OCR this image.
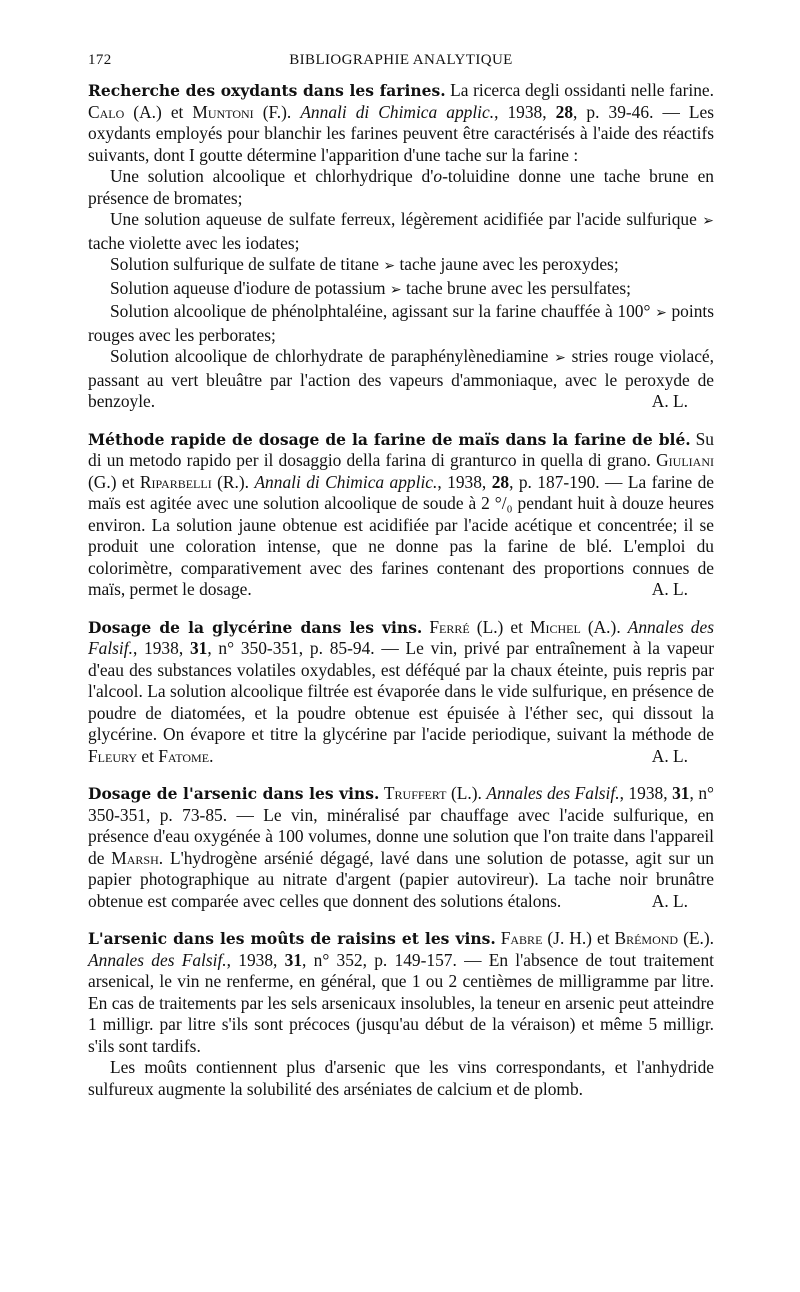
172	BIBLIOGRAPHIE ANALYTIQUE

Recherche des oxydants dans les farines. La ricerca degli ossidanti nelle farine. Calo (A.) et Muntoni (F.). Annali di Chimica applic., 1938, 28, p. 39-46. — Les oxydants employés pour blanchir les farines peuvent être caractérisés à l'aide des réactifs suivants, dont I goutte détermine l'apparition d'une tache sur la farine :

Une solution alcoolique et chlorhydrique d'o-toluidine donne une tache brune en présence de bromates;

Une solution aqueuse de sulfate ferreux, légèrement acidifiée par l'acide sulfurique ➢ tache violette avec les iodates;

Solution sulfurique de sulfate de titane ➢ tache jaune avec les peroxydes;

Solution aqueuse d'iodure de potassium ➢ tache brune avec les persulfates;

Solution alcoolique de phénolphtaléine, agissant sur la farine chauffée à 100° ➢ points rouges avec les perborates;

Solution alcoolique de chlorhydrate de paraphénylènediamine ➢ stries rouge violacé, passant au vert bleuâtre par l'action des vapeurs d'ammoniaque, avec le peroxyde de benzoyle.	A. L.

Méthode rapide de dosage de la farine de maïs dans la farine de blé. Su di un metodo rapido per il dosaggio della farina di granturco in quella di grano. Giuliani (G.) et Riparbelli (R.). Annali di Chimica applic., 1938, 28, p. 187-190. — La farine de maïs est agitée avec une solution alcoolique de soude à 2 °/₀ pendant huit à douze heures environ. La solution jaune obtenue est acidifiée par l'acide acétique et concentrée; il se produit une coloration intense, que ne donne pas la farine de blé. L'emploi du colorimètre, comparativement avec des farines contenant des proportions connues de maïs, permet le dosage.	A. L.

Dosage de la glycérine dans les vins. Ferré (L.) et Michel (A.). Annales des Falsif., 1938, 31, n° 350-351, p. 85-94. — Le vin, privé par entraînement à la vapeur d'eau des substances volatiles oxydables, est déféqué par la chaux éteinte, puis repris par l'alcool. La solution alcoolique filtrée est évaporée dans le vide sulfurique, en présence de poudre de diatomées, et la poudre obtenue est épuisée à l'éther sec, qui dissout la glycérine. On évapore et titre la glycérine par l'acide periodique, suivant la méthode de Fleury et Fatome.	A. L.

Dosage de l'arsenic dans les vins. Truffert (L.). Annales des Falsif., 1938, 31, n° 350-351, p. 73-85. — Le vin, minéralisé par chauffage avec l'acide sulfurique, en présence d'eau oxygénée à 100 volumes, donne une solution que l'on traite dans l'appareil de Marsh. L'hydrogène arsénié dégagé, lavé dans une solution de potasse, agit sur un papier photographique au nitrate d'argent (papier autovireur). La tache noir brunâtre obtenue est comparée avec celles que donnent des solutions étalons.	A. L.

L'arsenic dans les moûts de raisins et les vins. Fabre (J. H.) et Brémond (E.). Annales des Falsif., 1938, 31, n° 352, p. 149-157. — En l'absence de tout traitement arsenical, le vin ne renferme, en général, que 1 ou 2 centièmes de milligramme par litre. En cas de traitements par les sels arsenicaux insolubles, la teneur en arsenic peut atteindre 1 milligr. par litre s'ils sont précoces (jusqu'au début de la véraison) et même 5 milligr. s'ils sont tardifs.

Les moûts contiennent plus d'arsenic que les vins correspondants, et l'anhydride sulfureux augmente la solubilité des arséniates de calcium et de plomb.
